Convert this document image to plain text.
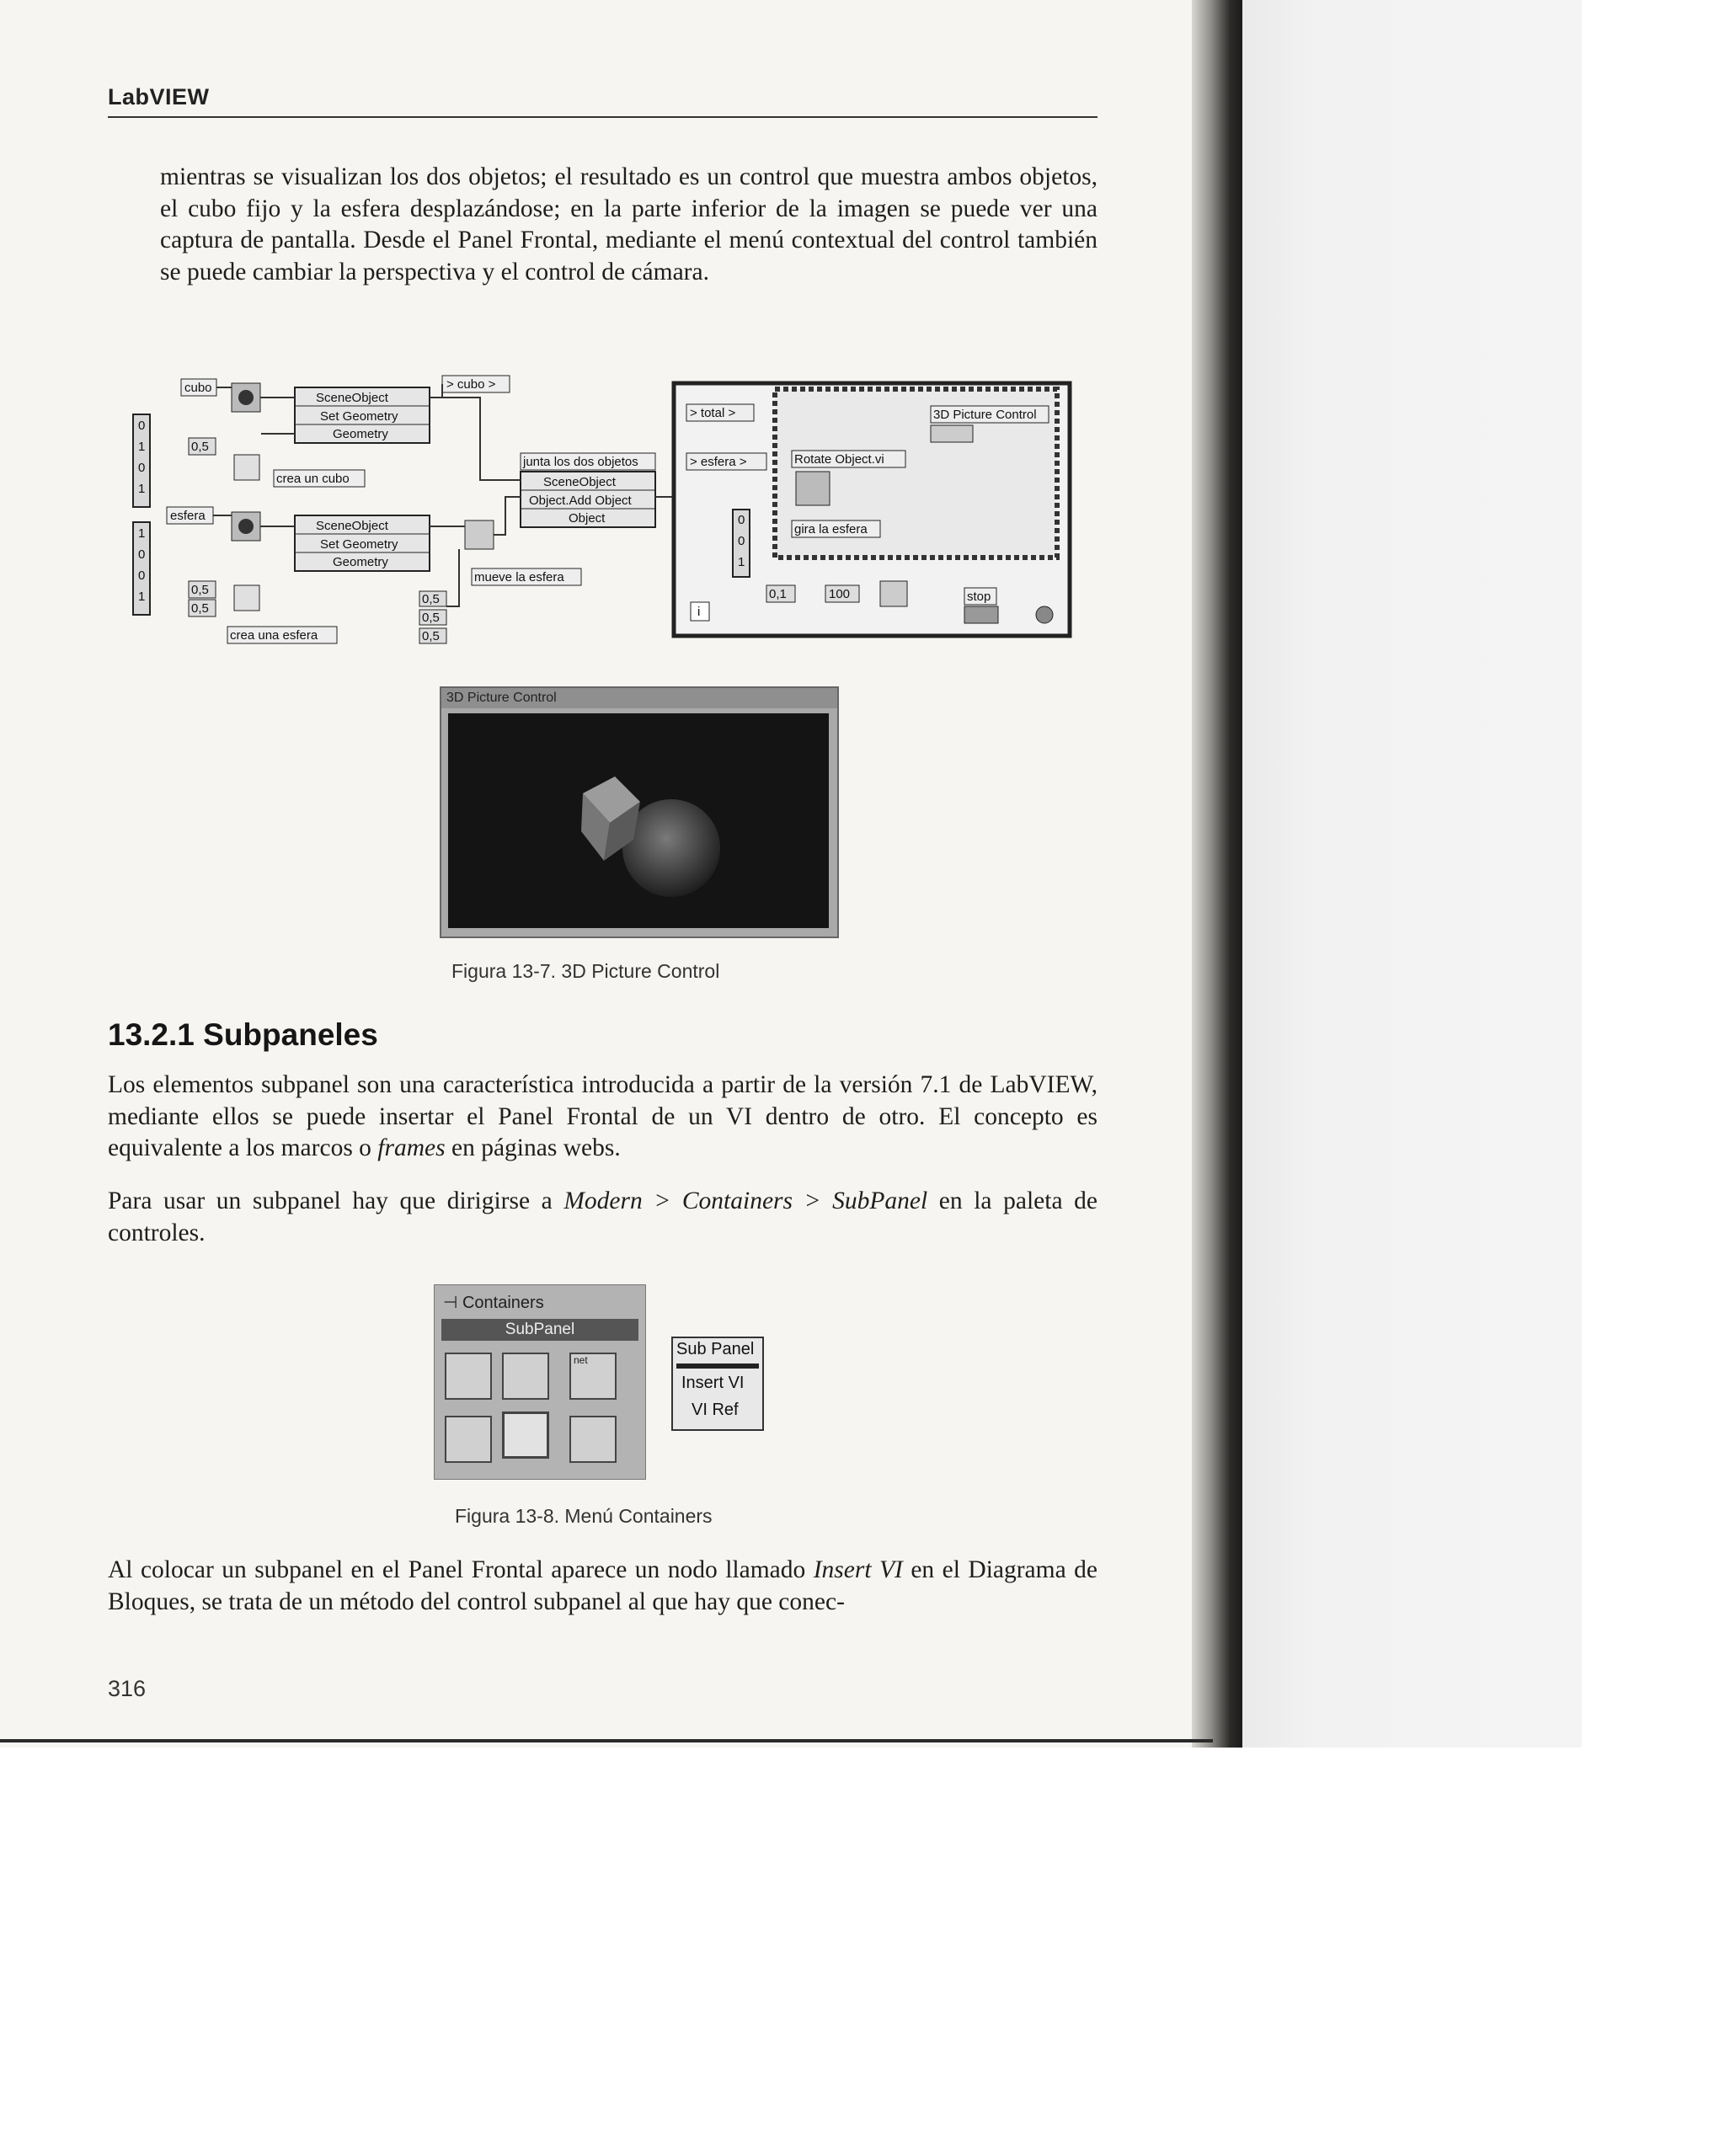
LabVIEW
mientras se visualizan los dos objetos; el resultado es un control que muestra ambos objetos, el cubo fijo y la esfera desplazándose; en la parte inferior de la imagen se puede ver una captura de pantalla. Desde el Panel Frontal, mediante el menú contextual del control también se puede cambiar la perspectiva y el control de cámara.
0
1
0
1
1
0
0
1
cubo
esfera
0,5
0,5
0,5
crea un cubo
crea una esfera
SceneObject
Set Geometry
Geometry
SceneObject
Set Geometry
Geometry
> cubo >
0,5
0,5
0,5
mueve la esfera
junta los dos objetos
SceneObject
Object.Add Object
Object
> total >
> esfera >	Rotate Object.vi
gira la esfera
3D Picture Control
0
0
1
0,1	100
i
stop
3D Picture Control
Figura 13-7. 3D Picture Control
13.2.1 Subpaneles
Los elementos subpanel son una característica introducida a partir de la versión 7.1 de LabVIEW, mediante ellos se puede insertar el Panel Frontal de un VI dentro de otro. El concepto es equivalente a los marcos o frames en páginas webs.
Para usar un subpanel hay que dirigirse a Modern > Containers > SubPanel en la paleta de controles.
⊣ Containers
SubPanel
net
Sub Panel
Insert VI
VI Ref
Figura 13-8. Menú Containers
Al colocar un subpanel en el Panel Frontal aparece un nodo llamado Insert VI en el Diagrama de Bloques, se trata de un método del control subpanel al que hay que conec-
316
